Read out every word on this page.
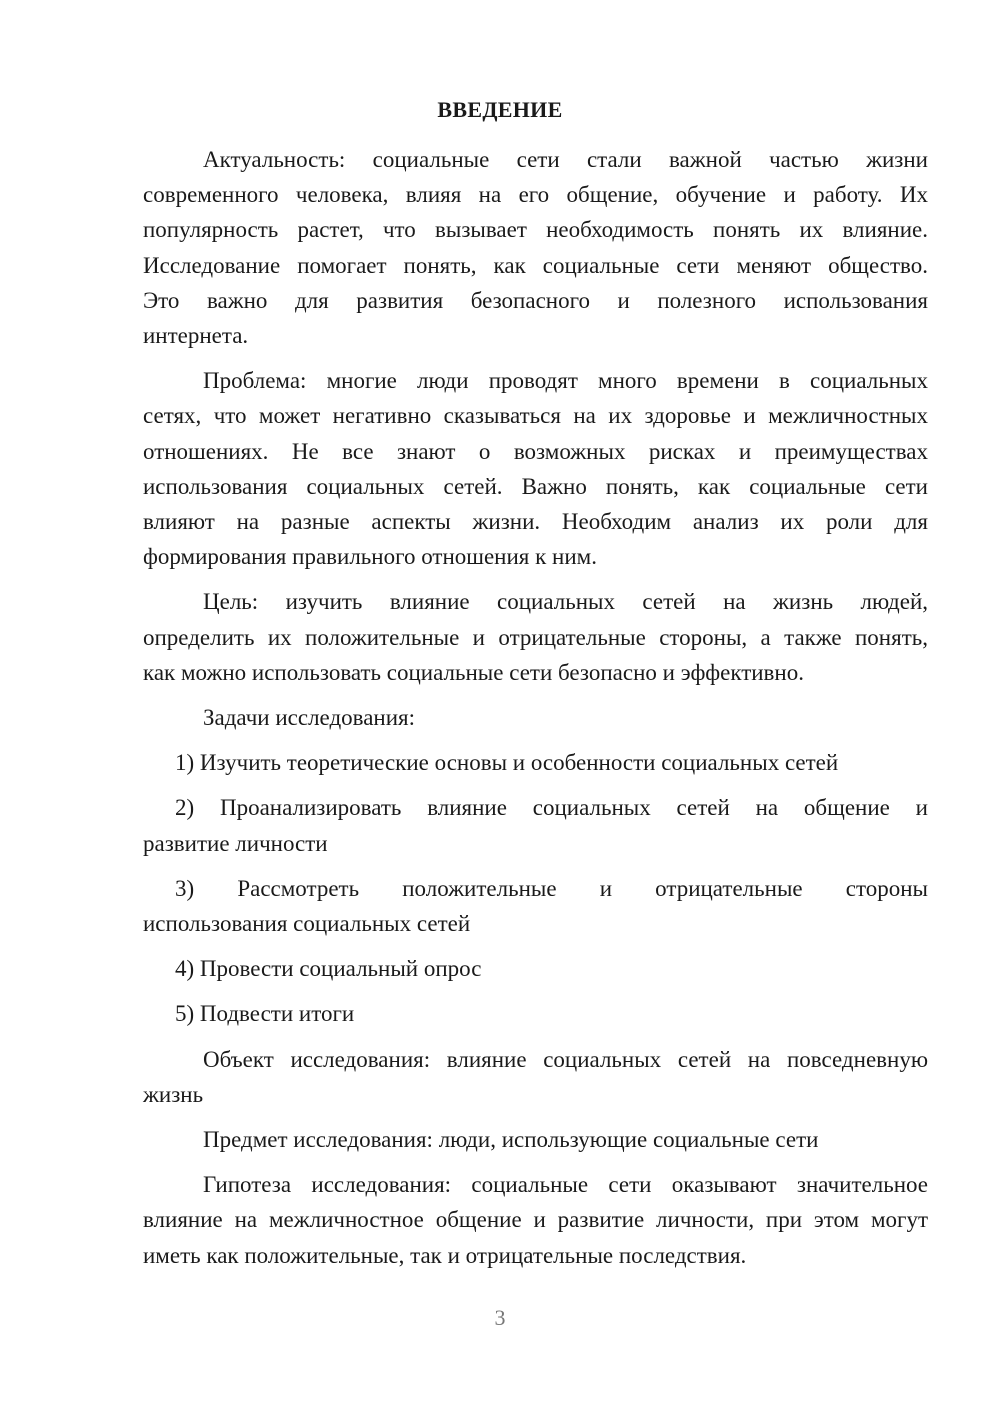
ВВЕДЕНИЕ
Актуальность: социальные сети стали важной частью жизни
современного человека, влияя на его общение, обучение и работу. Их
популярность растет, что вызывает необходимость понять их влияние.
Исследование помогает понять, как социальные сети меняют общество.
Это важно для развития безопасного и полезного использования
интернета.
Проблема: многие люди проводят много времени в социальных
сетях, что может негативно сказываться на их здоровье и межличностных
отношениях. Не все знают о возможных рисках и преимуществах
использования социальных сетей. Важно понять, как социальные сети
влияют на разные аспекты жизни. Необходим анализ их роли для
формирования правильного отношения к ним.
Цель: изучить влияние социальных сетей на жизнь людей,
определить их положительные и отрицательные стороны, а также понять,
как можно использовать социальные сети безопасно и эффективно.
Задачи исследования:
1) Изучить теоретические основы и особенности социальных сетей
2) Проанализировать влияние социальных сетей на общение и
развитие личности
3) Рассмотреть положительные и отрицательные стороны
использования социальных сетей
4) Провести социальный опрос
5) Подвести итоги
Объект исследования: влияние социальных сетей на повседневную
жизнь
Предмет исследования: люди, использующие социальные сети
Гипотеза исследования: социальные сети оказывают значительное
влияние на межличностное общение и развитие личности, при этом могут
иметь как положительные, так и отрицательные последствия.
3
